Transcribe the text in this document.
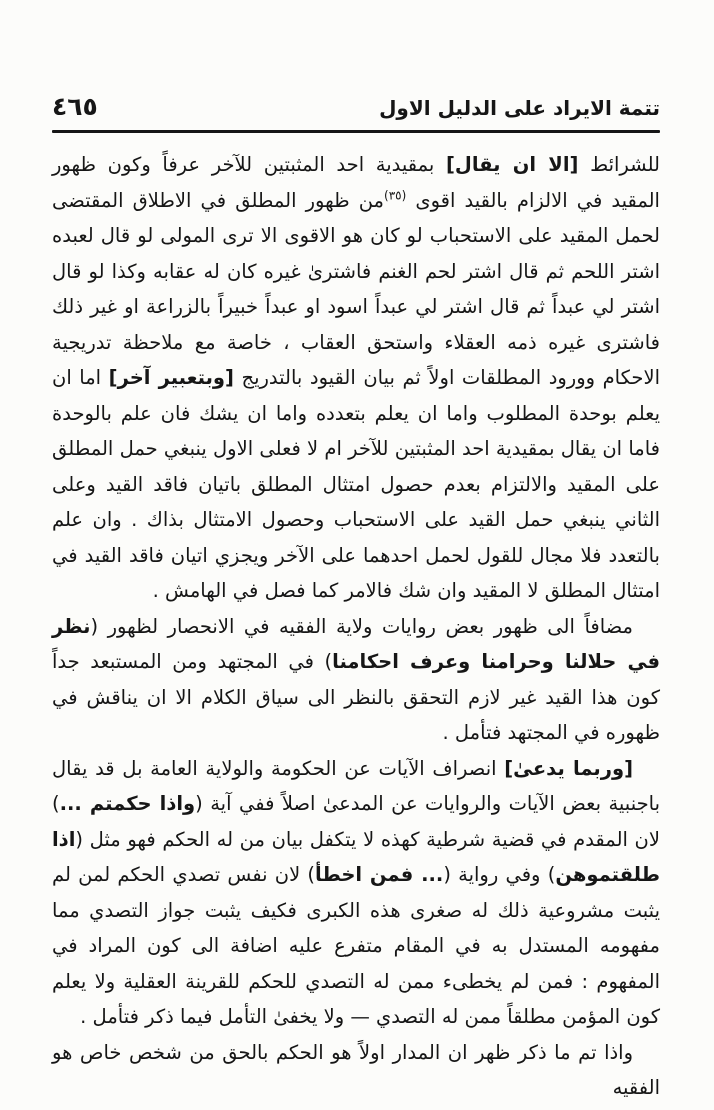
تتمة الايراد على الدليل الاول
٤٦٥

للشرائط [الا ان يقال] بمقيدية احد المثبتين للآخر عرفاً وكون ظهور المقيد في الالزام بالقيد اقوى $^{(٣٥)}$من ظهور المطلق في الاطلاق المقتضى لحمل المقيد على الاستحباب لو كان هو الاقوى الا ترى المولى لو قال لعبده اشتر اللحم ثم قال اشتر لحم الغنم فاشترىٰ غيره كان له عقابه وكذا لو قال اشتر لي عبداً ثم قال اشتر لي عبداً اسود او عبداً خبيراً بالزراعة او غير ذلك فاشترى غيره ذمه العقلاء واستحق العقاب ، خاصة مع ملاحظة تدريجية الاحكام وورود المطلقات اولاً ثم بيان القيود بالتدريج [وبتعبير آخر] اما ان يعلم بوحدة المطلوب واما ان يعلم بتعدده واما ان يشك فان علم بالوحدة فاما ان يقال بمقيدية احد المثبتين للآخر ام لا فعلى الاول ينبغي حمل المطلق على المقيد والالتزام بعدم حصول امتثال المطلق باتيان فاقد القيد وعلى الثاني ينبغي حمل القيد على الاستحباب وحصول الامتثال بذاك . وان علم بالتعدد فلا مجال للقول لحمل احدهما على الآخر ويجزي اتيان فاقد القيد في امتثال المطلق لا المقيد وان شك فالامر كما فصل في الهامش .

مضافاً الى ظهور بعض روايات ولاية الفقيه في الانحصار لظهور (نظر في حلالنا وحرامنا وعرف احكامنا) في المجتهد ومن المستبعد جداً كون هذا القيد غير لازم التحقق بالنظر الى سياق الكلام الا ان يناقش في ظهوره في المجتهد فتأمل .

[وربما يدعىٰ] انصراف الآيات عن الحكومة والولاية العامة بل قد يقال باجنبية بعض الآيات والروايات عن المدعىٰ اصلاً ففي آية (واذا حكمتم ...) لان المقدم في قضية شرطية كهذه لا يتكفل بيان من له الحكم فهو مثل (اذا طلقتموهن) وفي رواية (... فمن اخطأ) لان نفس تصدي الحكم لمن لم يثبت مشروعية ذلك له صغرى هذه الكبرى فكيف يثبت جواز التصدي مما مفهومه المستدل به في المقام متفرع عليه اضافة الى كون المراد في المفهوم : فمن لم يخطىء ممن له التصدي للحكم للقرينة العقلية ولا يعلم كون المؤمن مطلقاً ممن له التصدي — ولا يخفىٰ التأمل فيما ذكر فتأمل .

واذا تم ما ذكر ظهر ان المدار اولاً هو الحكم بالحق من شخص خاص هو الفقيه
